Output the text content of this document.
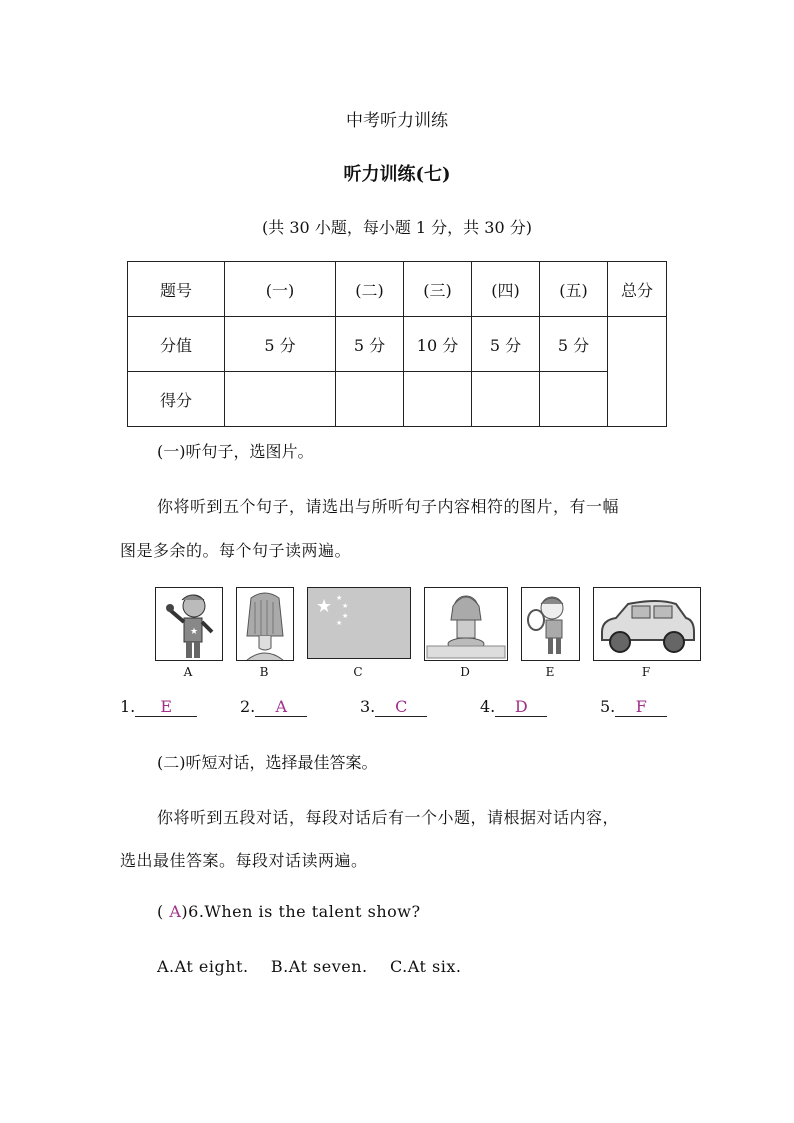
中考听力训练
听力训练(七)
(共 30 小题，每小题 1 分，共 30 分)
题号	(一)	(二)	(三)	(四)	(五)	总分
分值	5 分	5 分	10 分	5 分	5 分	
得分						
(一)听句子，选图片。
你将听到五个句子，请选出与所听句子内容相符的图片，有一幅
图是多余的。每个句子读两遍。
★
★ ★
★
★
★
A	B	C	D	E	F
1. E	2. A	3. C	4. D	5. F
(二)听短对话，选择最佳答案。
你将听到五段对话，每段对话后有一个小题，请根据对话内容，
选出最佳答案。每段对话读两遍。
( A)6.When is the talent show?
A.At eight.    B.At seven.    C.At six.
